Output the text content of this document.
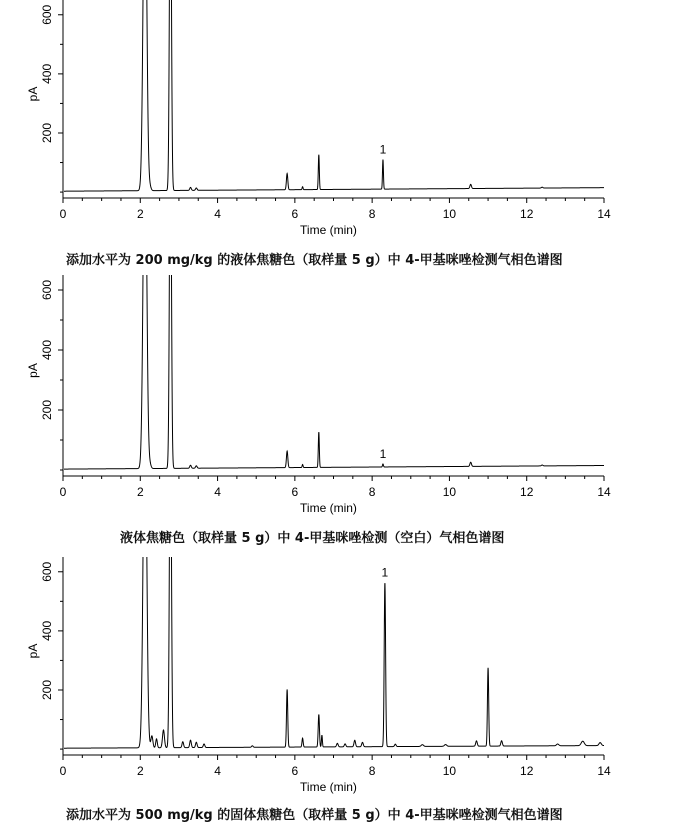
200
400
600
0	2	4	6	8	10	12	14
Time (min)
pA
1
添加水平为 200 mg/kg 的液体焦糖色（取样量 5 g）中 4-甲基咪唑检测气相色谱图
200
400
600
0	2	4	6	8	10	12	14
Time (min)
pA
1
液体焦糖色（取样量 5 g）中 4-甲基咪唑检测（空白）气相色谱图
200
400
600
0	2	4	6	8	10	12	14
Time (min)
pA
1
添加水平为 500 mg/kg 的固体焦糖色（取样量 5 g）中 4-甲基咪唑检测气相色谱图
